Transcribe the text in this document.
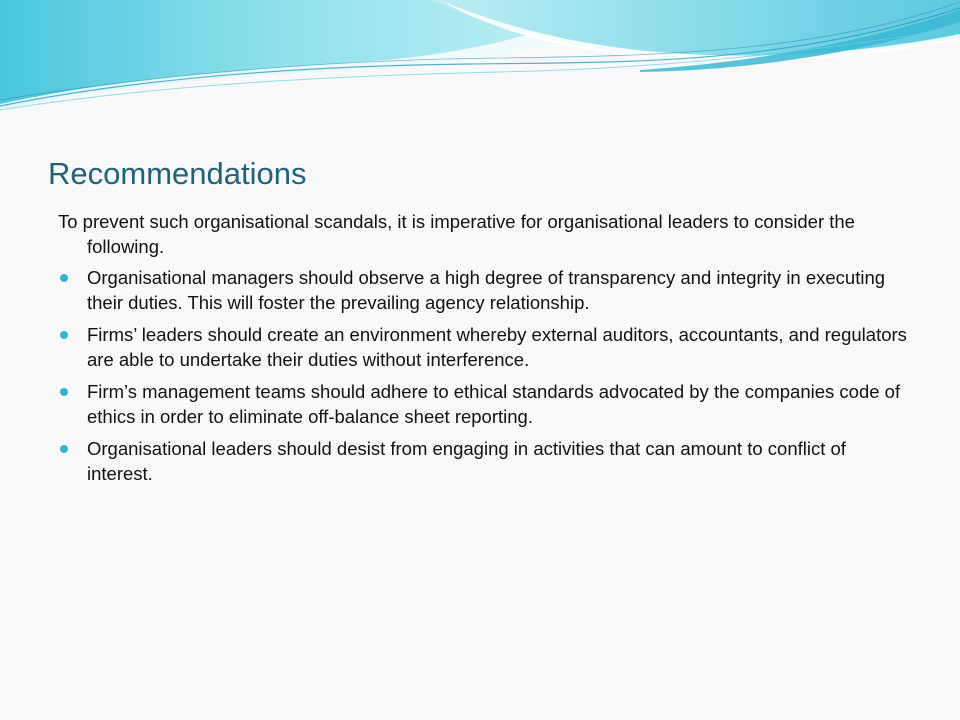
Recommendations

To prevent such organisational scandals, it is imperative for organisational leaders to consider the following.

Organisational managers should observe a high degree of transparency and integrity in executing their duties. This will foster the prevailing agency relationship.
Firms’ leaders should create an environment whereby external auditors, accountants, and regulators are able to undertake their duties without interference.
Firm’s management teams should adhere to ethical standards advocated by the companies code of ethics in order to eliminate off-balance sheet reporting.
Organisational leaders should desist from engaging in activities that can amount to conflict of interest.
